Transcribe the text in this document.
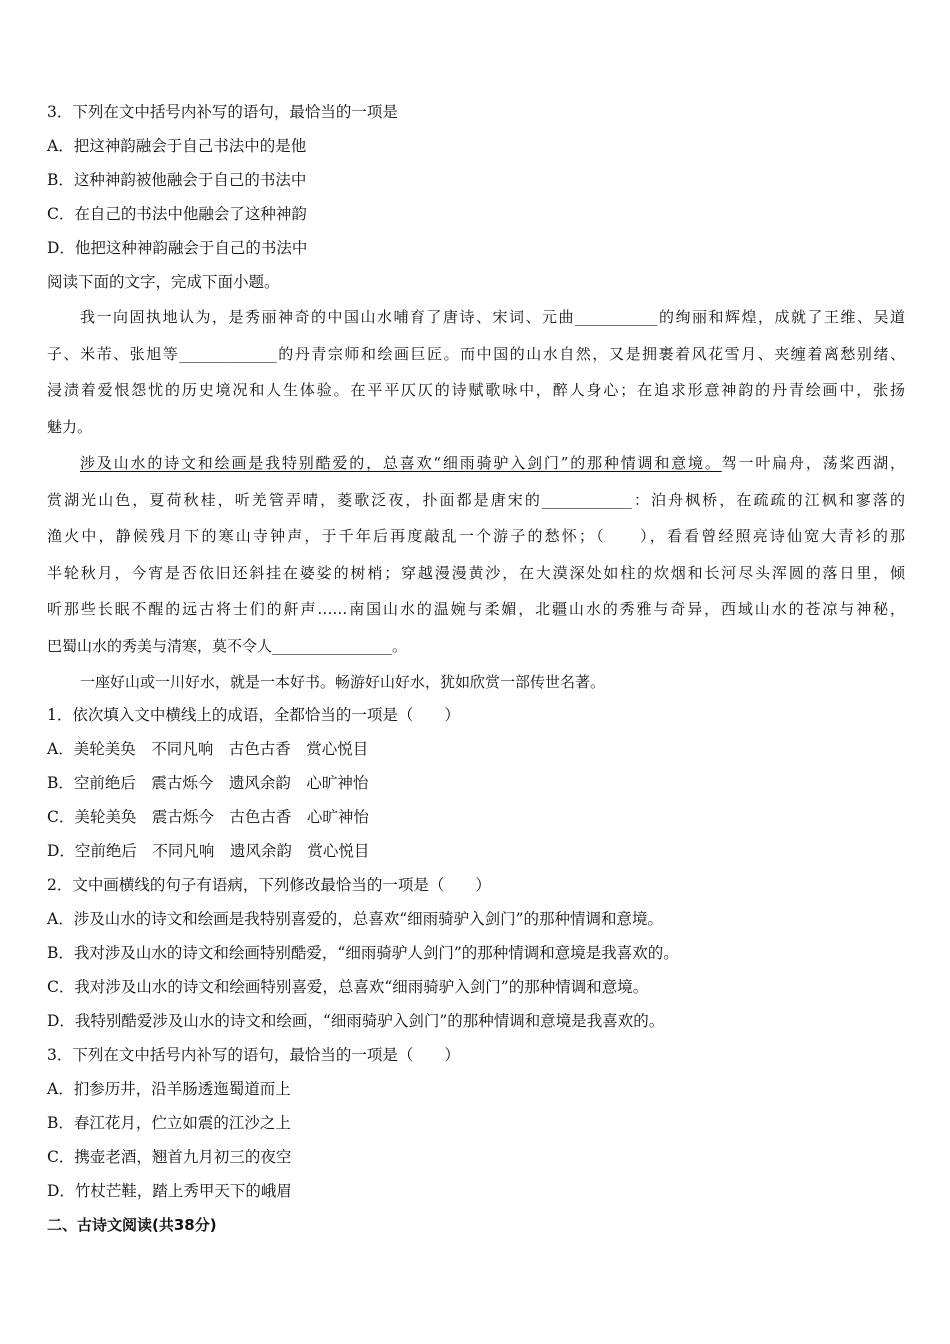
3．下列在文中括号内补写的语句，最恰当的一项是
A．把这神韵融会于自己书法中的是他
B．这种神韵被他融会于自己的书法中
C．在自己的书法中他融会了这种神韵
D．他把这种神韵融会于自己的书法中
阅读下面的文字，完成下面小题。
我一向固执地认为，是秀丽神奇的中国山水哺育了唐诗、宋词、元曲___________的绚丽和辉煌，成就了王维、吴道
子、米芾、张旭等_____________的丹青宗师和绘画巨匠。而中国的山水自然，又是拥裹着风花雪月、夹缠着离愁别绪、
浸渍着爱恨怨忧的历史境况和人生体验。在平平仄仄的诗赋歌咏中，醉人身心；在追求形意神韵的丹青绘画中，张扬
魅力。
涉及山水的诗文和绘画是我特别酷爱的，总喜欢“细雨骑驴入剑门”的那种情调和意境。驾一叶扁舟，荡桨西湖，
赏湖光山色，夏荷秋桂，听羌管弄晴，菱歌泛夜，扑面都是唐宋的____________：泊舟枫桥，在疏疏的江枫和寥落的
渔火中，静候残月下的寒山寺钟声，于千年后再度敲乱一个游子的愁怀；（　　），看看曾经照亮诗仙宽大青衫的那
半轮秋月，今宵是否依旧还斜挂在婆娑的树梢；穿越漫漫黄沙，在大漠深处如柱的炊烟和长河尽头浑圆的落日里，倾
听那些长眠不醒的远古将士们的鼾声……南国山水的温婉与柔媚，北疆山水的秀雅与奇异，西域山水的苍凉与神秘，
巴蜀山水的秀美与清寒，莫不令人________________。
一座好山或一川好水，就是一本好书。畅游好山好水，犹如欣赏一部传世名著。
1．依次填入文中横线上的成语，全都恰当的一项是（　　）
A．美轮美奂　不同凡响　古色古香　赏心悦目
B．空前绝后　震古烁今　遗风余韵　心旷神怡
C．美轮美奂　震古烁今　古色古香　心旷神怡
D．空前绝后　不同凡响　遗风余韵　赏心悦目
2．文中画横线的句子有语病，下列修改最恰当的一项是（　　）
A．涉及山水的诗文和绘画是我特别喜爱的，总喜欢“细雨骑驴入剑门”的那种情调和意境。
B．我对涉及山水的诗文和绘画特别酷爱，“细雨骑驴人剑门”的那种情调和意境是我喜欢的。
C．我对涉及山水的诗文和绘画特别喜爱，总喜欢“细雨骑驴入剑门”的那种情调和意境。
D．我特别酷爱涉及山水的诗文和绘画，“细雨骑驴入剑门”的那种情调和意境是我喜欢的。
3．下列在文中括号内补写的语句，最恰当的一项是（　　）
A．扪参历井，沿羊肠透迤蜀道而上
B．春江花月，伫立如震的江沙之上
C．携壶老酒，翘首九月初三的夜空
D．竹杖芒鞋，踏上秀甲天下的峨眉
二、古诗文阅读(共38分)
